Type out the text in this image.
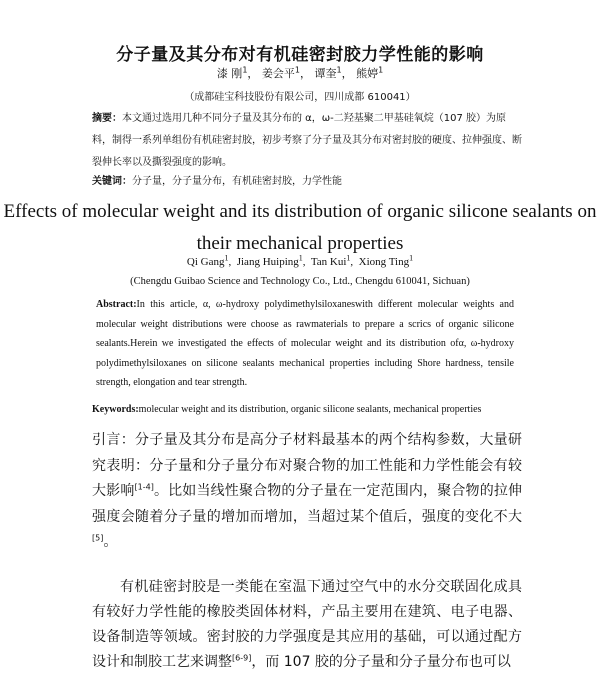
分子量及其分布对有机硅密封胶力学性能的影响
漆 刚$^1$， 姜会平$^1$， 谭奎$^1$， 熊婷$^1$
（成都硅宝科技股份有限公司，四川成都 610041）
摘要：本文通过选用几种不同分子量及其分布的 α，ω-二羟基聚二甲基硅氧烷（107 胶）为原料，制得一系列单组份有机硅密封胶，初步考察了分子量及其分布对密封胶的硬度、拉伸强度、断裂伸长率以及撕裂强度的影响。
关键词：分子量，分子量分布，有机硅密封胶，力学性能
Effects of molecular weight and its distribution of organic silicone sealants on their mechanical properties
Qi Gang$^1$,  Jiang Huiping$^1$,  Tan Kui$^1$,  Xiong Ting$^1$
(Chengdu Guibao Science and Technology Co., Ltd., Chengdu 610041, Sichuan)
Abstract:In this article, α, ω-hydroxy polydimethylsiloxaneswith different molecular weights and molecular weight distributions were choose as rawmaterials to prepare a scrics of organic silicone sealants.Herein we investigated the effects of molecular weight and its distribution ofα, ω-hydroxy polydimethylsiloxanes on silicone sealants mechanical properties including Shore hardness, tensile strength, elongation and tear strength.
Keywords:molecular weight and its distribution, organic silicone sealants, mechanical properties
引言：分子量及其分布是高分子材料最基本的两个结构参数，大量研究表明：分子量和分子量分布对聚合物的加工性能和力学性能会有较大影响[1-4]。比如当线性聚合物的分子量在一定范围内，聚合物的拉伸强度会随着分子量的增加而增加，当超过某个值后，强度的变化不大[5]。
有机硅密封胶是一类能在室温下通过空气中的水分交联固化成具有较好力学性能的橡胶类固体材料，产品主要用在建筑、电子电器、设备制造等领域。密封胶的力学强度是其应用的基础，可以通过配方设计和制胶工艺来调整[6-9]，而 107 胶的分子量和分子量分布也可以
